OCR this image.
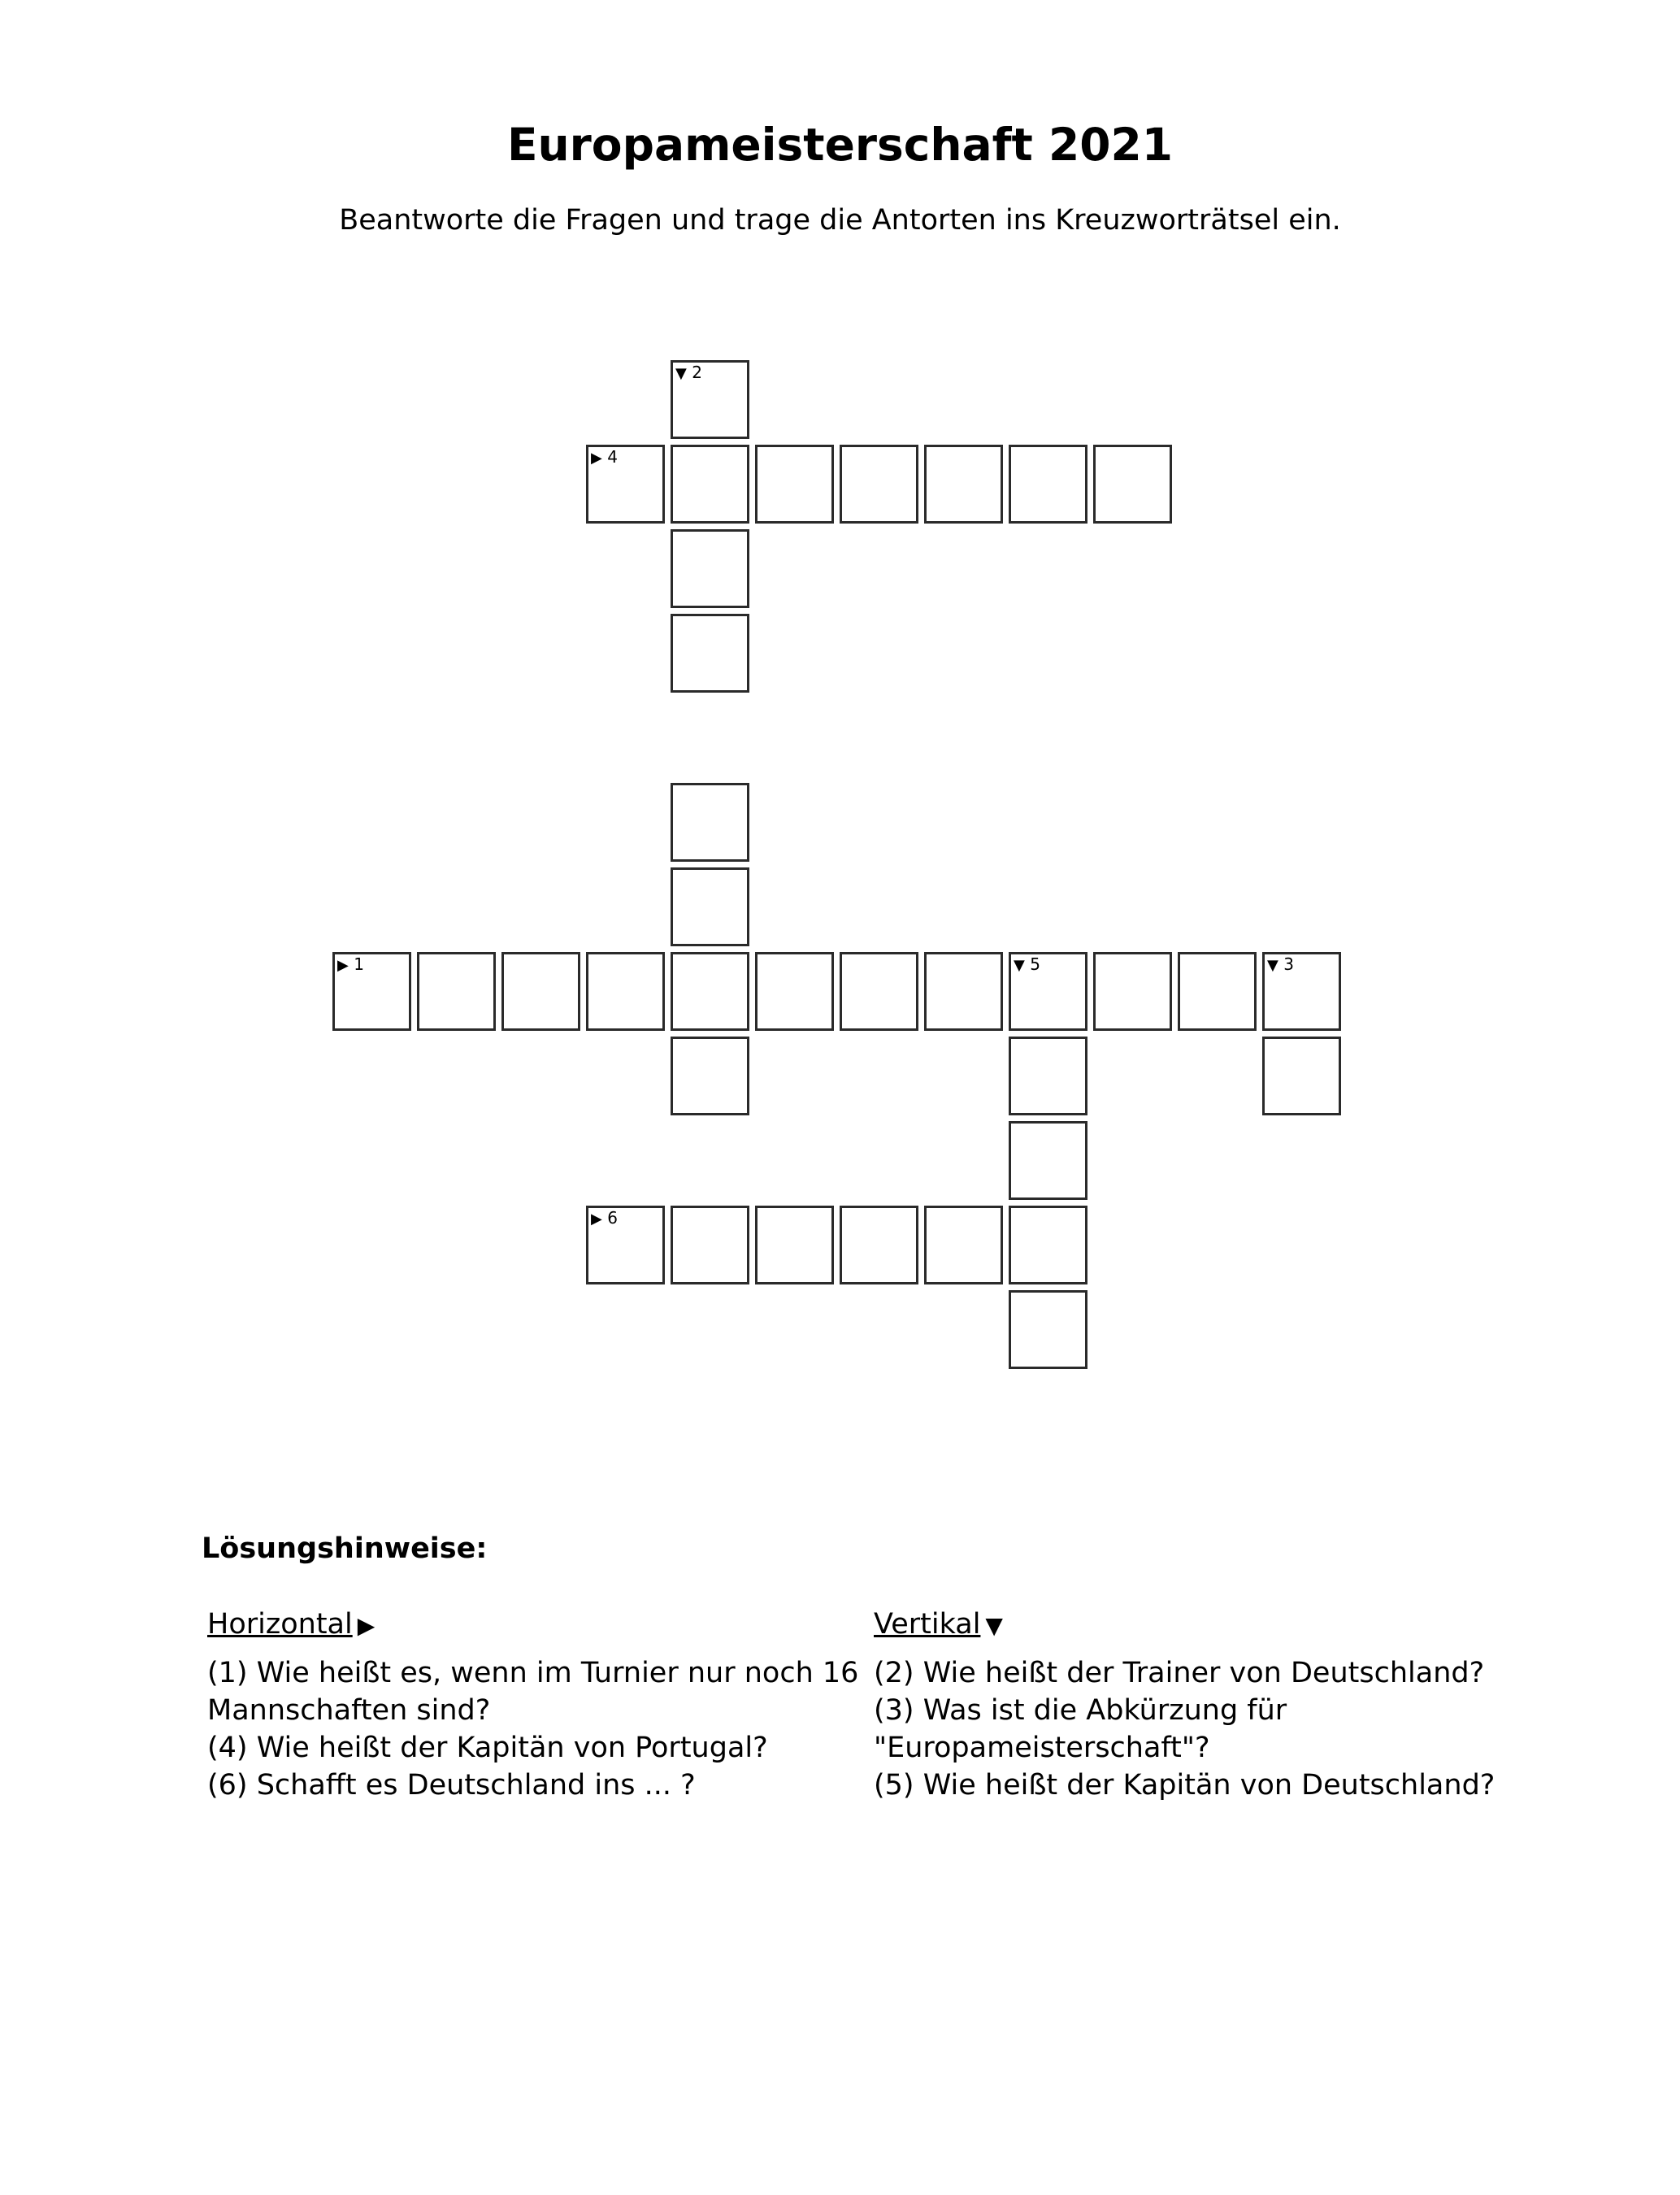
Europameisterschaft 2021
Beantworte die Fragen und trage die Antorten ins Kreuzworträtsel ein.
▼ 2
▶ 4
▶ 1	▼ 5	▼ 3
▶ 6
Lösungshinweise:
Horizontal ▶

(1) Wie heißt es, wenn im Turnier nur noch 16 Mannschaften sind?

(4) Wie heißt der Kapitän von Portugal?

(6) Schafft es Deutschland ins ... ?

Vertikal ▼

(2) Wie heißt der Trainer von Deutschland?

(3) Was ist die Abkürzung für "Europameisterschaft"?

(5) Wie heißt der Kapitän von Deutschland?
